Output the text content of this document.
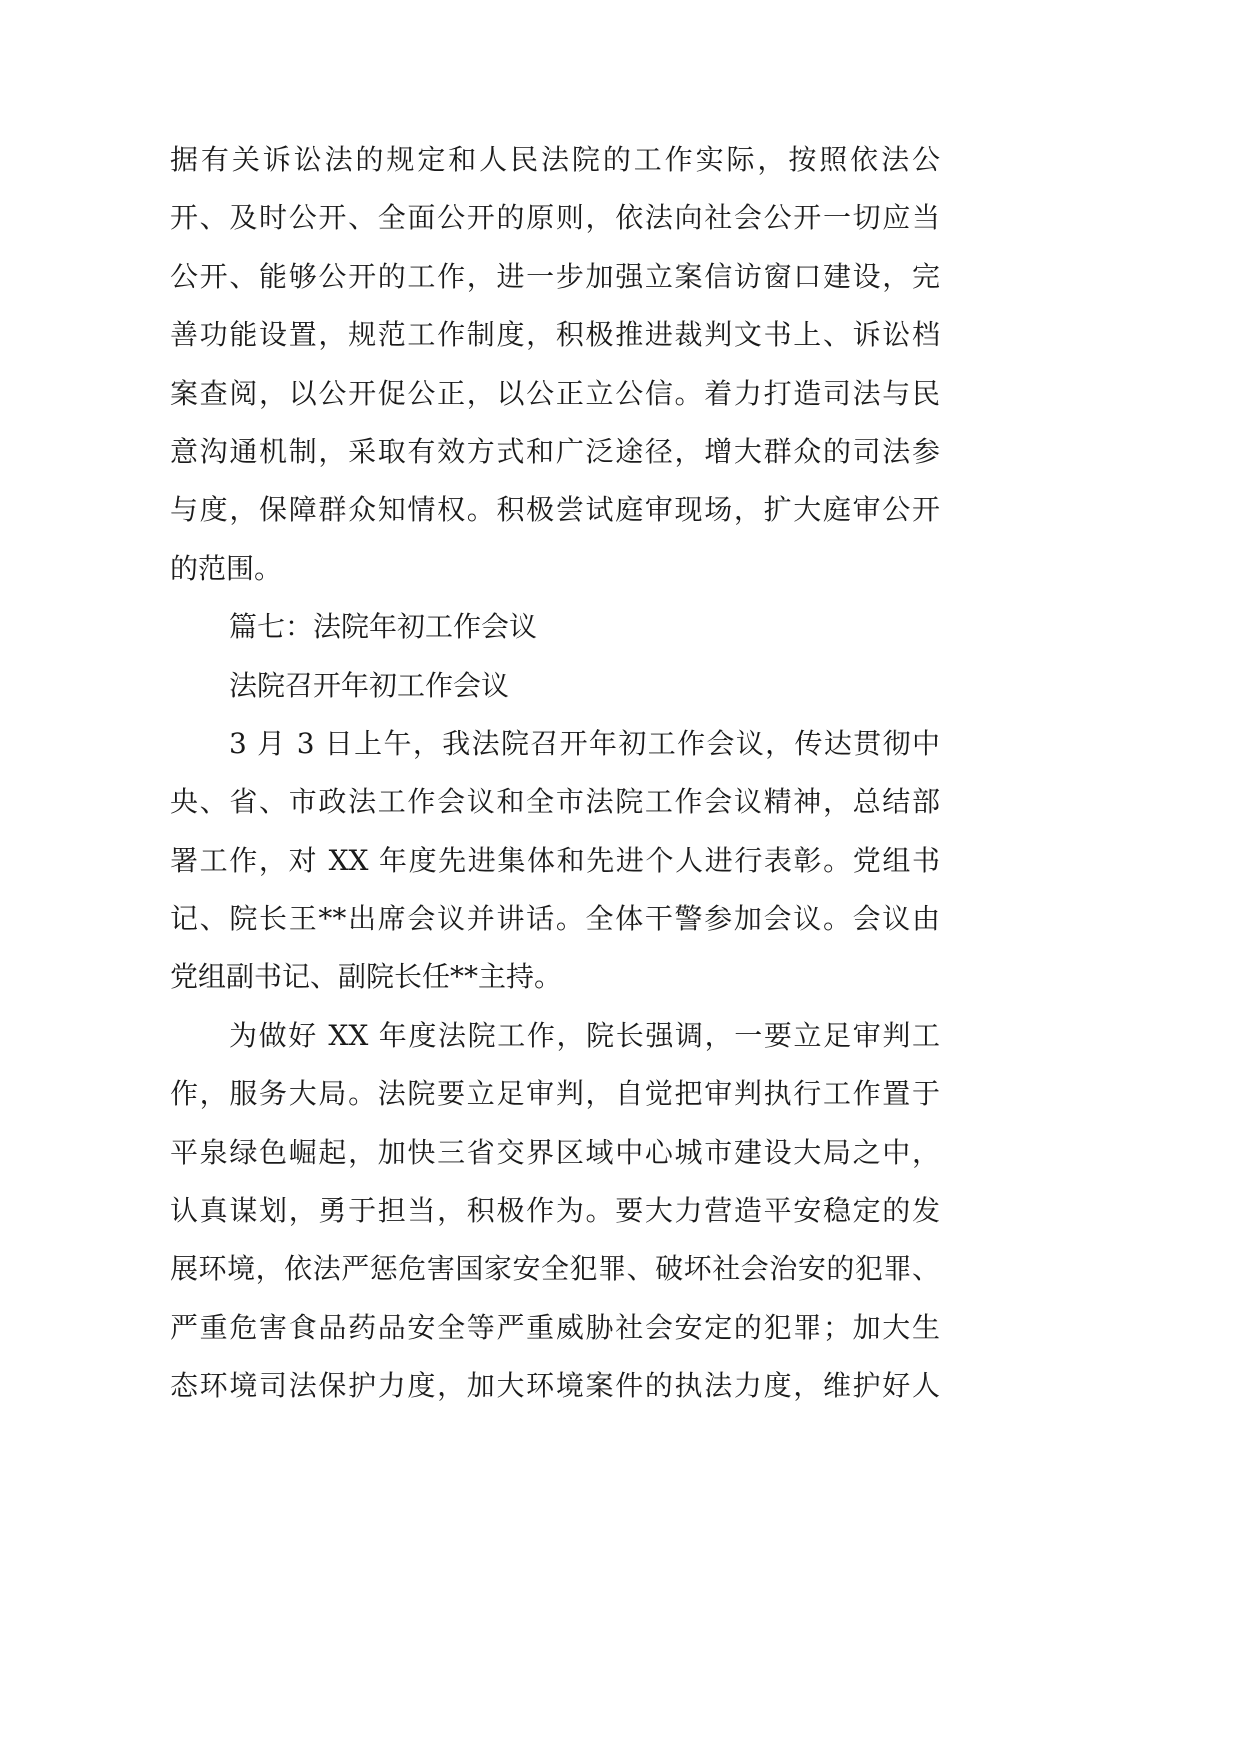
据有关诉讼法的规定和人民法院的工作实际，按照依法公
开、及时公开、全面公开的原则，依法向社会公开一切应当
公开、能够公开的工作，进一步加强立案信访窗口建设，完
善功能设置，规范工作制度，积极推进裁判文书上、诉讼档
案查阅，以公开促公正，以公正立公信。着力打造司法与民
意沟通机制，采取有效方式和广泛途径，增大群众的司法参
与度，保障群众知情权。积极尝试庭审现场，扩大庭审公开
的范围。
篇七：法院年初工作会议
法院召开年初工作会议
3 月 3 日上午，我法院召开年初工作会议，传达贯彻中
央、省、市政法工作会议和全市法院工作会议精神，总结部
署工作，对 XX 年度先进集体和先进个人进行表彰。党组书
记、院长王**出席会议并讲话。全体干警参加会议。会议由
党组副书记、副院长任**主持。
为做好 XX 年度法院工作，院长强调，一要立足审判工
作，服务大局。法院要立足审判，自觉把审判执行工作置于
平泉绿色崛起，加快三省交界区域中心城市建设大局之中，
认真谋划，勇于担当，积极作为。要大力营造平安稳定的发
展环境，依法严惩危害国家安全犯罪、破坏社会治安的犯罪、
严重危害食品药品安全等严重威胁社会安定的犯罪；加大生
态环境司法保护力度，加大环境案件的执法力度，维护好人
